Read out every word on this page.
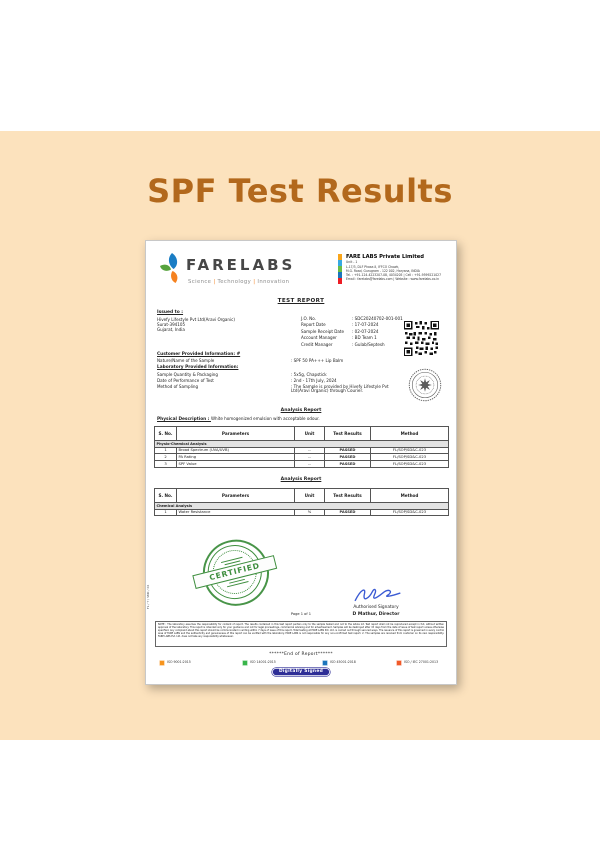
SPF Test Results
FARELABS
Science | Technology | Innovation
FARE LABS Private Limited
Unit - 1
L-17/3, DLF Phase-II, IFFCO Chowk,
M.G. Road, Gurugram - 122 002, Haryana, INDIA
Tel. : +91-124-4223207-08, 4034205 | Cell : +91-9599221027
Email : farelabs@farelabs.com | Website : www.farelabs.co.in
TEST REPORT
Issued to :
Hivefy Lifestyle Pvt Ltd(Aravi Organic)
Surat-394105
Gujarat, India
J.O. No.	: SDC20240702-001-001
Report Date	: 17-07-2024
Sample Receipt Date : 02-07-2024
Account Manager	: BD Team 1
Credit Manager	: Gulab/Septesh
Customer Provided Information: #
Nature/Name of the Sample	: SPF 50 PA+++ Lip Balm
Laboratory Provided Information:
Sample Quantity & Packaging	: 5x5g, Chapstick
Date of Performance of Test	: 2nd - 17th July, 2024
Method of Sampling	: The Sample is provided by Hivefy Lifestyle Pvt Ltd(Aravi Organic) through Courier.
Analysis Report
Physical Description : White homogenized emulsion with acceptable odour.
S. No.	Parameters	Unit	Test Results	Method
Physio-Chemical Analysis				
1	Broad Spectrum (UVA/UVB)	--	PASSED	FL/SOP/SD&C-023
2	PA Rating	--	PASSED	FL/SOP/SD&C-023
3	SPF Value	--	PASSED	FL/SOP/SD&C-023
Analysis Report
S. No.	Parameters	Unit	Test Results	Method
Chemical Analysis				
1	Water Resistance	%	PASSED	FL/SOP/SD&C-023
CERTIFIED
Authorised Signatory
D Mathur, Director
Page 1 of 1
NOTE : The laboratory assumes the responsibility for content of report. The results contained in this test report pertain only to the sample tested and not to the whole lot. Test report shall not be reproduced except in full, without written approval of the laboratory. This report is intended only for your guidance and not for legal proceedings, commercial advising and for advertisement. Samples will be destroyed after 15 days from the date of issue of test report unless otherwise specified. Any complaint about this report should be communicated in writing within 7 days of issue of this report. Total testing at FARE LABS Pvt. Ltd. is carried out through secured ways. The issuance of this report is governed in every control area of FARE LABS and the authenticity and genuineness of this report can be verified with the laboratory. FARE LABS is not responsible for any non-confirmed test report. 2. The samples are received from customer on its own responsibility. FARE LABS Pvt. Ltd. does not take any responsibility whatsoever.
******End of Report******
ISO 9001:2015	ISO 14001:2015	ISO 45001:2018	ISO / IEC 27001:2013
Digitally Signed
FL / T / SMK / 04
